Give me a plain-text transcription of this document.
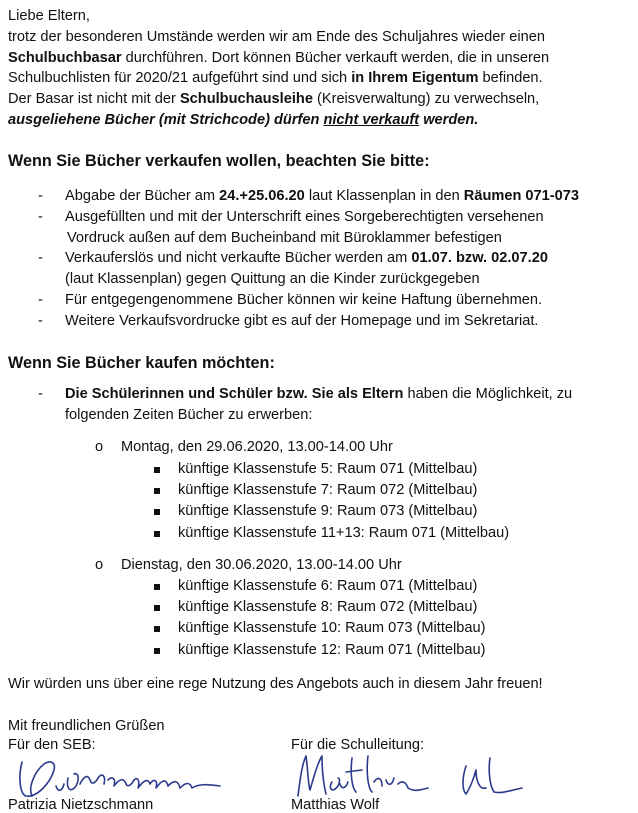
Liebe Eltern,

trotz der besonderen Umstände werden wir am Ende des Schuljahres wieder einen

Schulbuchbasar durchführen. Dort können Bücher verkauft werden, die in unseren

Schulbuchlisten für 2020/21 aufgeführt sind und sich in Ihrem Eigentum befinden.

Der Basar ist nicht mit der Schulbuchausleihe (Kreisverwaltung) zu verwechseln,

ausgeliehene Bücher (mit Strichcode) dürfen nicht verkauft werden.

Wenn Sie Bücher verkaufen wollen, beachten Sie bitte:
- Abgabe der Bücher am 24.+25.06.20 laut Klassenplan in den Räumen 071-073
- Ausgefüllten und mit der Unterschrift eines Sorgeberechtigten versehenen
Vordruck außen auf dem Bucheinband mit Büroklammer befestigen
- Verkauferslös und nicht verkaufte Bücher werden am 01.07. bzw. 02.07.20
(laut Klassenplan) gegen Quittung an die Kinder zurückgegeben
- Für entgegengenommene Bücher können wir keine Haftung übernehmen.
- Weitere Verkaufsvordrucke gibt es auf der Homepage und im Sekretariat.
Wenn Sie Bücher kaufen möchten:
- Die Schülerinnen und Schüler bzw. Sie als Eltern haben die Möglichkeit, zu
folgenden Zeiten Bücher zu erwerben:
o Montag, den 29.06.2020, 13.00-14.00 Uhr
künftige Klassenstufe 5: Raum 071 (Mittelbau)
künftige Klassenstufe 7: Raum 072 (Mittelbau)
künftige Klassenstufe 9: Raum 073 (Mittelbau)
künftige Klassenstufe 11+13: Raum 071 (Mittelbau)
o Dienstag, den 30.06.2020, 13.00-14.00 Uhr
künftige Klassenstufe 6: Raum 071 (Mittelbau)
künftige Klassenstufe 8: Raum 072 (Mittelbau)
künftige Klassenstufe 10: Raum 073 (Mittelbau)
künftige Klassenstufe 12: Raum 071 (Mittelbau)

Wir würden uns über eine rege Nutzung des Angebots auch in diesem Jahr freuen!

Mit freundlichen Grüßen

Für den SEB:	Für die Schulleitung:
Patrizia Nietzschmann	Matthias Wolf
